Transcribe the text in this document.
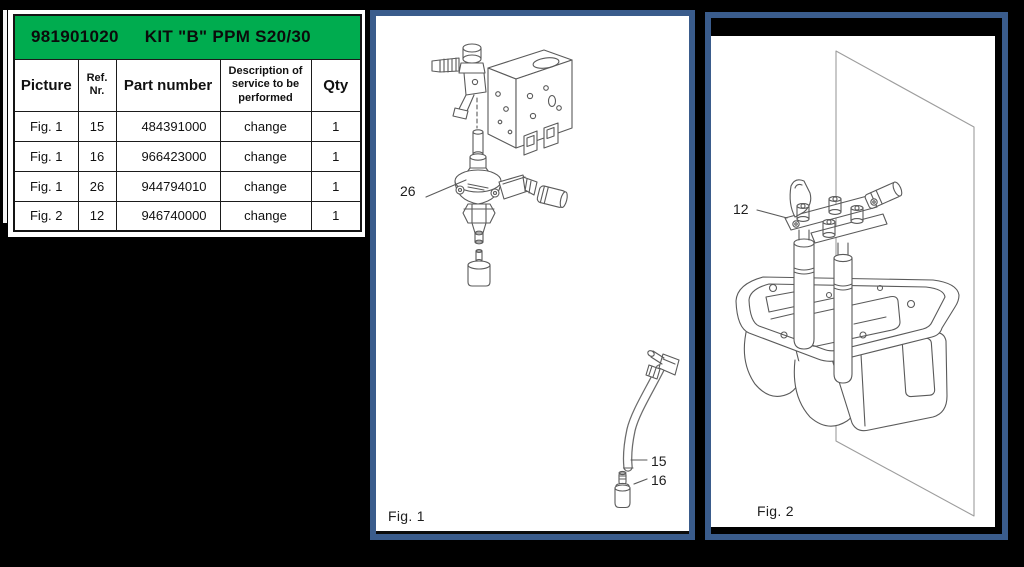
981901020 KIT "B" PPM S20/30				
Picture	Ref. Nr.	Part number	Description of service to be performed	Qty
Fig. 1	15	484391000	change	1
Fig. 1	16	966423000	change	1
Fig. 1	26	944794010	change	1
Fig. 2	12	946740000	change	1
26
15
16
Fig. 1
12
Fig. 2
